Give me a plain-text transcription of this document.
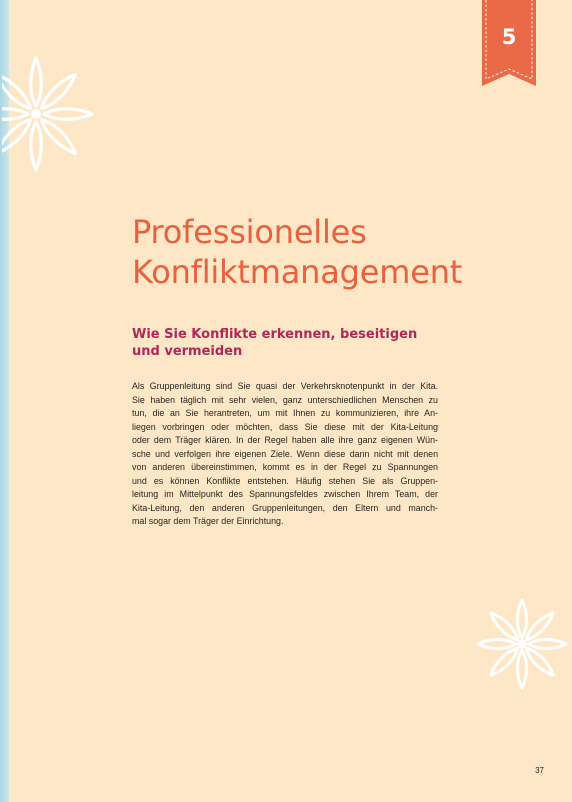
5
Professionelles
Konfliktmanagement
Wie Sie Konflikte erkennen, beseitigen
und vermeiden
Als Gruppenleitung sind Sie quasi der Verkehrsknotenpunkt in der Kita.
Sie haben täglich mit sehr vielen, ganz unterschiedlichen Menschen zu
tun, die an Sie herantreten, um mit Ihnen zu kommunizieren, ihre An-
liegen vorbringen oder möchten, dass Sie diese mit der Kita-Leitung
oder dem Träger klären. In der Regel haben alle ihre ganz eigenen Wün-
sche und verfolgen ihre eigenen Ziele. Wenn diese dann nicht mit denen
von anderen übereinstimmen, kommt es in der Regel zu Spannungen
und es können Konflikte entstehen. Häufig stehen Sie als Gruppen-
leitung im Mittelpunkt des Spannungsfeldes zwischen Ihrem Team, der
Kita-Leitung, den anderen Gruppenleitungen, den Eltern und manch-
mal sogar dem Träger der Einrichtung.
37
